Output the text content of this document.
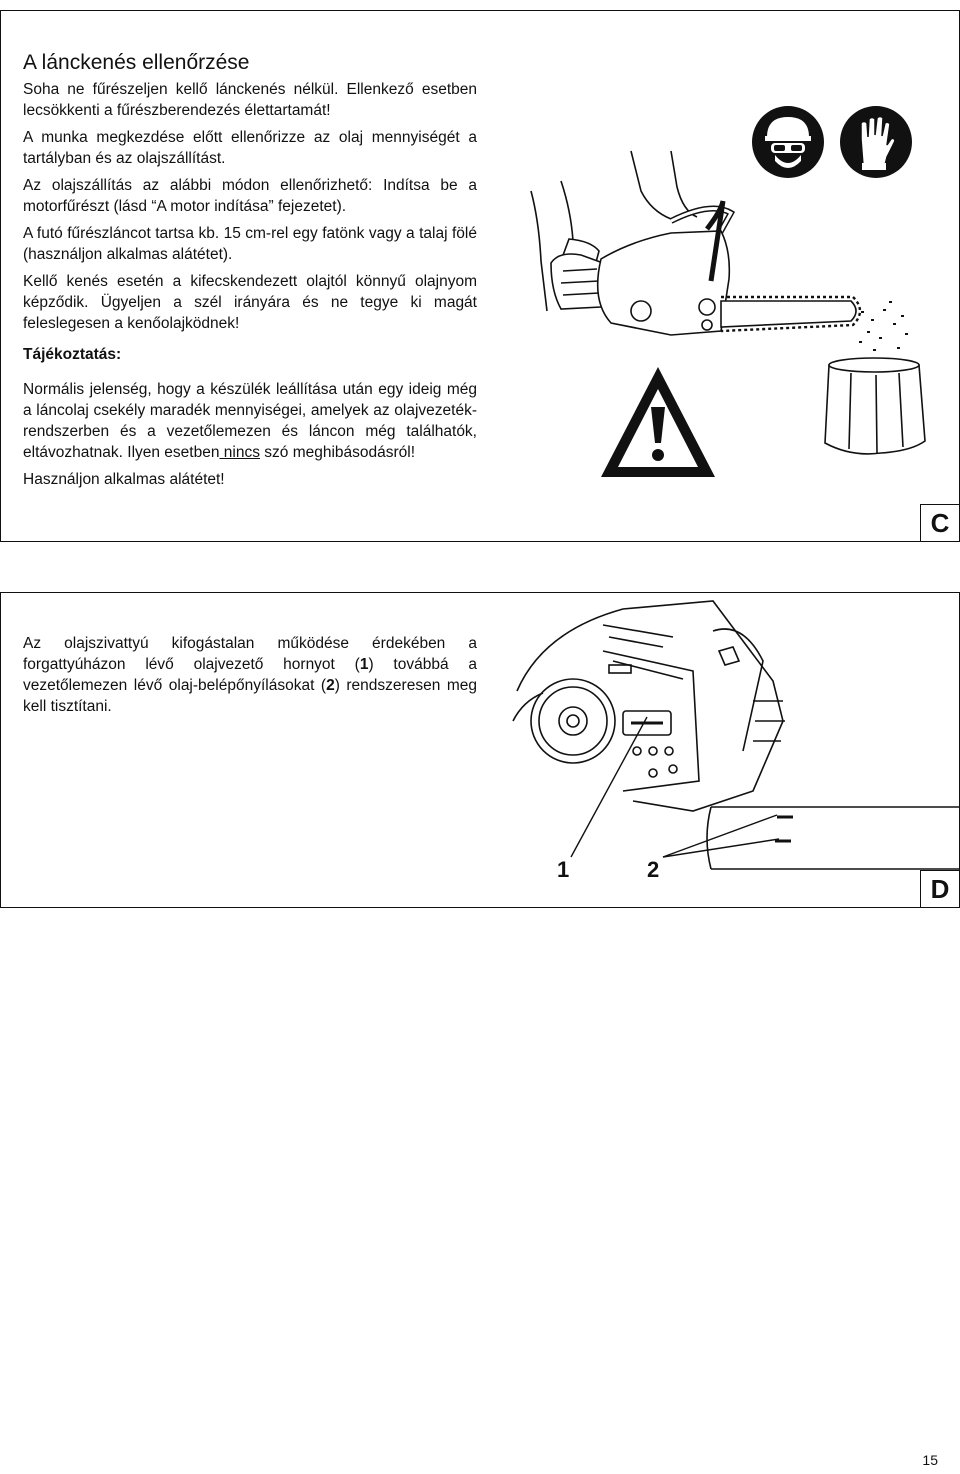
A lánckenés ellenőrzése

Soha ne fűrészeljen kellő lánckenés nélkül. Ellenkező esetben lecsökkenti a fűrészberendezés élettartamát!

A munka megkezdése előtt ellenőrizze az olaj mennyiségét a tartályban és az olajszállítást.

Az olajszállítás az alábbi módon ellenőrizhető: Indítsa be a motorfűrészt (lásd “A motor indítása” fejezetet).

A futó fűrészláncot tartsa kb. 15 cm-rel egy fatönk vagy a talaj fölé (használjon alkalmas alátétet).

Kellő kenés esetén a kifecskendezett olajtól könnyű olajnyom képződik. Ügyeljen a szél irányára és ne tegye ki magát feleslegesen a kenőolajködnek!

Tájékoztatás:

Normális jelenség, hogy a készülék leállítása után egy ideig még a láncolaj csekély maradék mennyiségei, amelyek az olajvezeték-rendszerben és a vezetőlemezen és láncon még találhatók, eltávozhatnak. Ilyen esetben nincs szó meghibásodásról!

Használjon alkalmas alátétet!

C

Az olajszivattyú kifogástalan működése érdekében a forgattyúházon lévő olajvezető hornyot (1) továbbá a vezetőlemezen lévő olaj-belépőnyílásokat (2) rendszeresen meg kell tisztítani.

1	2
D
15
